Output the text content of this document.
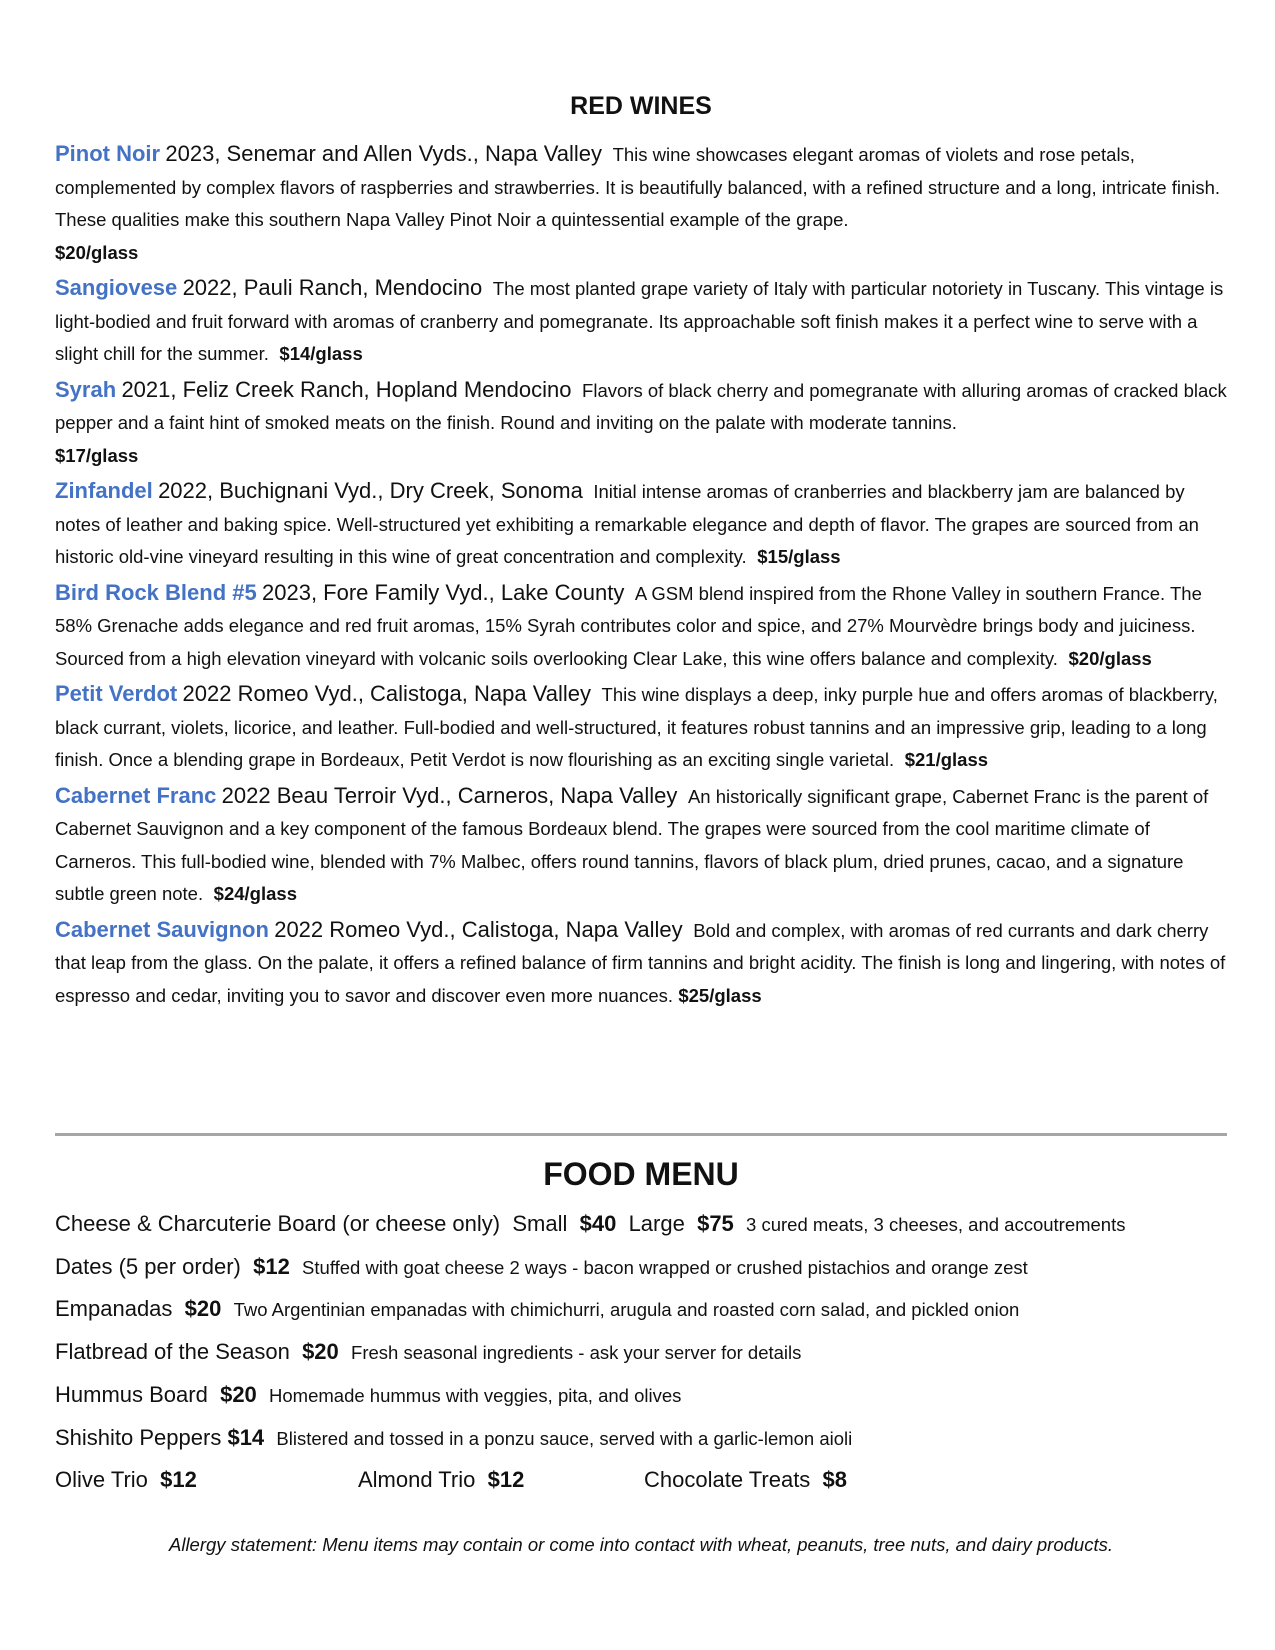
RED WINES
Pinot Noir 2023, Senemar and Allen Vyds., Napa Valley This wine showcases elegant aromas of violets and rose petals, complemented by complex flavors of raspberries and strawberries. It is beautifully balanced, with a refined structure and a long, intricate finish. These qualities make this southern Napa Valley Pinot Noir a quintessential example of the grape.
$20/glass
Sangiovese 2022, Pauli Ranch, Mendocino The most planted grape variety of Italy with particular notoriety in Tuscany. This vintage is light-bodied and fruit forward with aromas of cranberry and pomegranate. Its approachable soft finish makes it a perfect wine to serve with a slight chill for the summer. $14/glass
Syrah 2021, Feliz Creek Ranch, Hopland Mendocino Flavors of black cherry and pomegranate with alluring aromas of cracked black pepper and a faint hint of smoked meats on the finish. Round and inviting on the palate with moderate tannins.
$17/glass
Zinfandel 2022, Buchignani Vyd., Dry Creek, Sonoma Initial intense aromas of cranberries and blackberry jam are balanced by notes of leather and baking spice. Well-structured yet exhibiting a remarkable elegance and depth of flavor. The grapes are sourced from an historic old-vine vineyard resulting in this wine of great concentration and complexity. $15/glass
Bird Rock Blend #5 2023, Fore Family Vyd., Lake County A GSM blend inspired from the Rhone Valley in southern France. The 58% Grenache adds elegance and red fruit aromas, 15% Syrah contributes color and spice, and 27% Mourvèdre brings body and juiciness. Sourced from a high elevation vineyard with volcanic soils overlooking Clear Lake, this wine offers balance and complexity. $20/glass
Petit Verdot 2022 Romeo Vyd., Calistoga, Napa Valley This wine displays a deep, inky purple hue and offers aromas of blackberry, black currant, violets, licorice, and leather. Full-bodied and well-structured, it features robust tannins and an impressive grip, leading to a long finish. Once a blending grape in Bordeaux, Petit Verdot is now flourishing as an exciting single varietal. $21/glass
Cabernet Franc 2022 Beau Terroir Vyd., Carneros, Napa Valley An historically significant grape, Cabernet Franc is the parent of Cabernet Sauvignon and a key component of the famous Bordeaux blend. The grapes were sourced from the cool maritime climate of Carneros. This full-bodied wine, blended with 7% Malbec, offers round tannins, flavors of black plum, dried prunes, cacao, and a signature subtle green note. $24/glass
Cabernet Sauvignon 2022 Romeo Vyd., Calistoga, Napa Valley Bold and complex, with aromas of red currants and dark cherry that leap from the glass. On the palate, it offers a refined balance of firm tannins and bright acidity. The finish is long and lingering, with notes of espresso and cedar, inviting you to savor and discover even more nuances. $25/glass
FOOD MENU
Cheese & Charcuterie Board (or cheese only) Small $40 Large $75 3 cured meats, 3 cheeses, and accoutrements
Dates (5 per order) $12 Stuffed with goat cheese 2 ways - bacon wrapped or crushed pistachios and orange zest
Empanadas $20 Two Argentinian empanadas with chimichurri, arugula and roasted corn salad, and pickled onion
Flatbread of the Season $20 Fresh seasonal ingredients - ask your server for details
Hummus Board $20 Homemade hummus with veggies, pita, and olives
Shishito Peppers $14 Blistered and tossed in a ponzu sauce, served with a garlic-lemon aioli
Olive Trio $12	Almond Trio $12	Chocolate Treats $8
Allergy statement: Menu items may contain or come into contact with wheat, peanuts, tree nuts, and dairy products.
